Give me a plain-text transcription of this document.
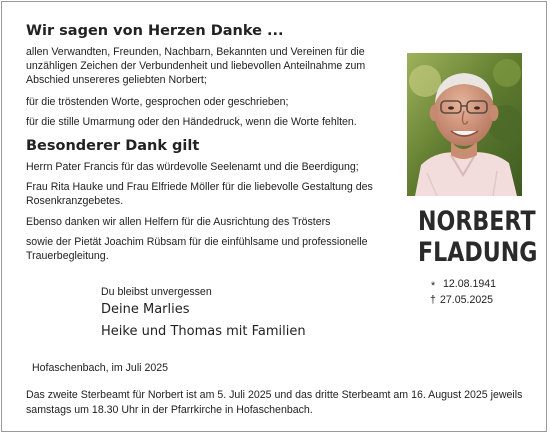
Wir sagen von Herzen Danke ...

allen Verwandten, Freunden, Nachbarn, Bekannten und Vereinen für die unzähligen Zeichen der Verbundenheit und liebevollen Anteilnahme zum Abschied unsereres geliebten Norbert;

für die tröstenden Worte, gesprochen oder geschrieben;

für die stille Umarmung oder den Händedruck, wenn die Worte fehlten.

Besonderer Dank gilt

Herrn Pater Francis für das würdevolle Seelenamt und die Beerdigung;

Frau Rita Hauke und Frau Elfriede Möller für die liebevolle Gestaltung des Rosenkranzgebetes.

Ebenso danken wir allen Helfern für die Ausrichtung des Trösters

sowie der Pietät Joachim Rübsam für die einfühlsame und professionelle Trauerbegleitung.

Du bleibst unvergessen

Deine Marlies

Heike und Thomas mit Familien

Hofaschenbach, im Juli 2025

Das zweite Sterbeamt für Norbert ist am 5. Juli 2025 und das dritte Sterbeamt am 16. August 2025 jeweils samstags um 18.30 Uhr in der Pfarrkirche in Hofaschenbach.

NORBERT
FLADUNG
* 12.08.1941
† 27.05.2025
